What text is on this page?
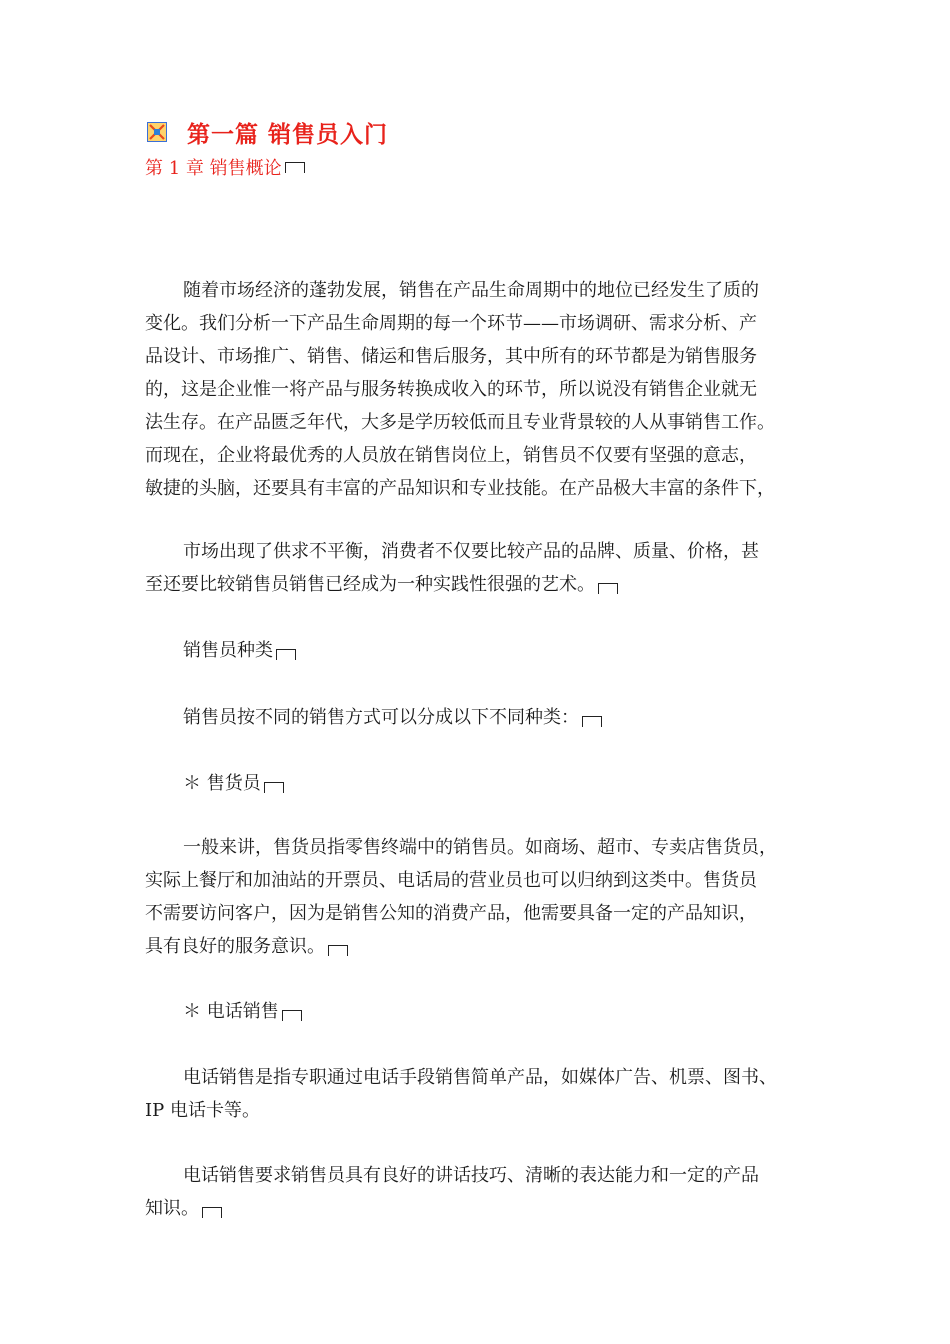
第一篇 销售员入门
第 1 章 销售概论
随着市场经济的蓬勃发展，销售在产品生命周期中的地位已经发生了质的
变化。我们分析一下产品生命周期的每一个环节——市场调研、需求分析、产
品设计、市场推广、销售、储运和售后服务，其中所有的环节都是为销售服务
的，这是企业惟一将产品与服务转换成收入的环节，所以说没有销售企业就无
法生存。在产品匮乏年代，大多是学历较低而且专业背景较的人从事销售工作。
而现在，企业将最优秀的人员放在销售岗位上，销售员不仅要有坚强的意志，
敏捷的头脑，还要具有丰富的产品知识和专业技能。在产品极大丰富的条件下，
市场出现了供求不平衡，消费者不仅要比较产品的品牌、质量、价格，甚
至还要比较销售员销售已经成为一种实践性很强的艺术。
销售员种类
销售员按不同的销售方式可以分成以下不同种类：
＊ 售货员
一般来讲，售货员指零售终端中的销售员。如商场、超市、专卖店售货员，
实际上餐厅和加油站的开票员、电话局的营业员也可以归纳到这类中。售货员
不需要访问客户，因为是销售公知的消费产品，他需要具备一定的产品知识，
具有良好的服务意识。
＊ 电话销售
电话销售是指专职通过电话手段销售简单产品，如媒体广告、机票、图书、
IP 电话卡等。
电话销售要求销售员具有良好的讲话技巧、清晰的表达能力和一定的产品
知识。
